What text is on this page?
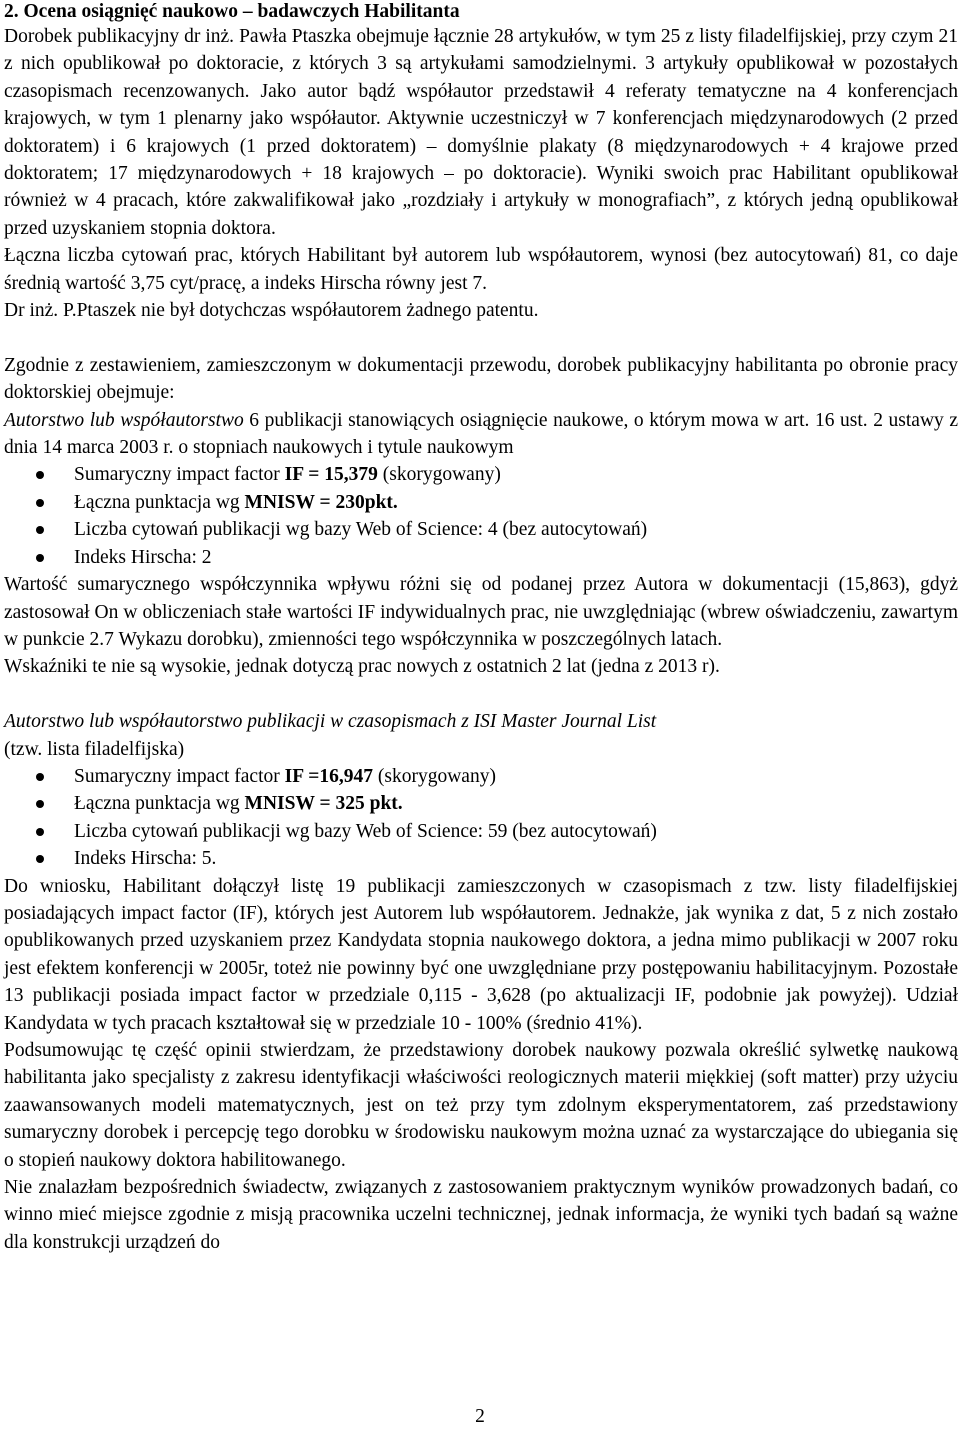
2. Ocena osiągnięć naukowo – badawczych Habilitanta

Dorobek publikacyjny dr inż. Pawła Ptaszka obejmuje łącznie 28 artykułów, w tym 25 z listy filadelfijskiej, przy czym 21 z nich opublikował po doktoracie, z których 3 są artykułami samodzielnymi. 3 artykuły opublikował w pozostałych czasopismach recenzowanych. Jako autor bądź współautor przedstawił 4 referaty tematyczne na 4 konferencjach krajowych, w tym 1 plenarny jako współautor. Aktywnie uczestniczył w 7 konferencjach międzynarodowych (2 przed doktoratem) i 6 krajowych (1 przed doktoratem) – domyślnie plakaty (8 międzynarodowych + 4 krajowe przed doktoratem; 17 międzynarodowych + 18 krajowych – po doktoracie). Wyniki swoich prac Habilitant opublikował również w 4 pracach, które zakwalifikował jako „rozdziały i artykuły w monografiach”, z których jedną opublikował przed uzyskaniem stopnia doktora.

Łączna liczba cytowań prac, których Habilitant był autorem lub współautorem, wynosi (bez autocytowań) 81, co daje średnią wartość 3,75 cyt/pracę, a indeks Hirscha równy jest 7.

Dr inż. P.Ptaszek nie był dotychczas współautorem żadnego patentu.

Zgodnie z zestawieniem, zamieszczonym w dokumentacji przewodu, dorobek publikacyjny habilitanta po obronie pracy doktorskiej obejmuje:

Autorstwo lub współautorstwo 6 publikacji stanowiących osiągnięcie naukowe, o którym mowa w art. 16 ust. 2 ustawy z dnia 14 marca 2003 r. o stopniach naukowych i tytule naukowym

Sumaryczny impact factor IF = 15,379 (skorygowany)
Łączna punktacja wg MNISW = 230pkt.
Liczba cytowań publikacji wg bazy Web of Science: 4 (bez autocytowań)
Indeks Hirscha: 2

Wartość sumarycznego współczynnika wpływu różni się od podanej przez Autora w dokumentacji (15,863), gdyż zastosował On w obliczeniach stałe wartości IF indywidualnych prac, nie uwzględniając (wbrew oświadczeniu, zawartym w punkcie 2.7 Wykazu dorobku), zmienności tego współczynnika w poszczególnych latach.

Wskaźniki te nie są wysokie, jednak dotyczą prac nowych z ostatnich 2 lat (jedna z 2013 r).

Autorstwo lub współautorstwo publikacji w czasopismach z ISI Master Journal List

(tzw. lista filadelfijska)

Sumaryczny impact factor IF =16,947 (skorygowany)
Łączna punktacja wg MNISW = 325 pkt.
Liczba cytowań publikacji wg bazy Web of Science: 59 (bez autocytowań)
Indeks Hirscha: 5.

Do wniosku, Habilitant dołączył listę 19 publikacji zamieszczonych w czasopismach z tzw. listy filadelfijskiej posiadających impact factor (IF), których jest Autorem lub współautorem. Jednakże, jak wynika z dat, 5 z nich zostało opublikowanych przed uzyskaniem przez Kandydata stopnia naukowego doktora, a jedna mimo publikacji w 2007 roku jest efektem konferencji w 2005r, toteż nie powinny być one uwzględniane przy postępowaniu habilitacyjnym. Pozostałe 13 publikacji posiada impact factor w przedziale 0,115 - 3,628 (po aktualizacji IF, podobnie jak powyżej). Udział Kandydata w tych pracach kształtował się w przedziale 10 - 100% (średnio 41%).

Podsumowując tę część opinii stwierdzam, że przedstawiony dorobek naukowy pozwala określić sylwetkę naukową habilitanta jako specjalisty z zakresu identyfikacji właściwości reologicznych materii miękkiej (soft matter) przy użyciu zaawansowanych modeli matematycznych, jest on też przy tym zdolnym eksperymentatorem, zaś przedstawiony sumaryczny dorobek i percepcję tego dorobku w środowisku naukowym można uznać za wystarczające do ubiegania się o stopień naukowy doktora habilitowanego.

Nie znalazłam bezpośrednich świadectw, związanych z zastosowaniem praktycznym wyników prowadzonych badań, co winno mieć miejsce zgodnie z misją pracownika uczelni technicznej, jednak informacja, że wyniki tych badań są ważne dla konstrukcji urządzeń do

2
